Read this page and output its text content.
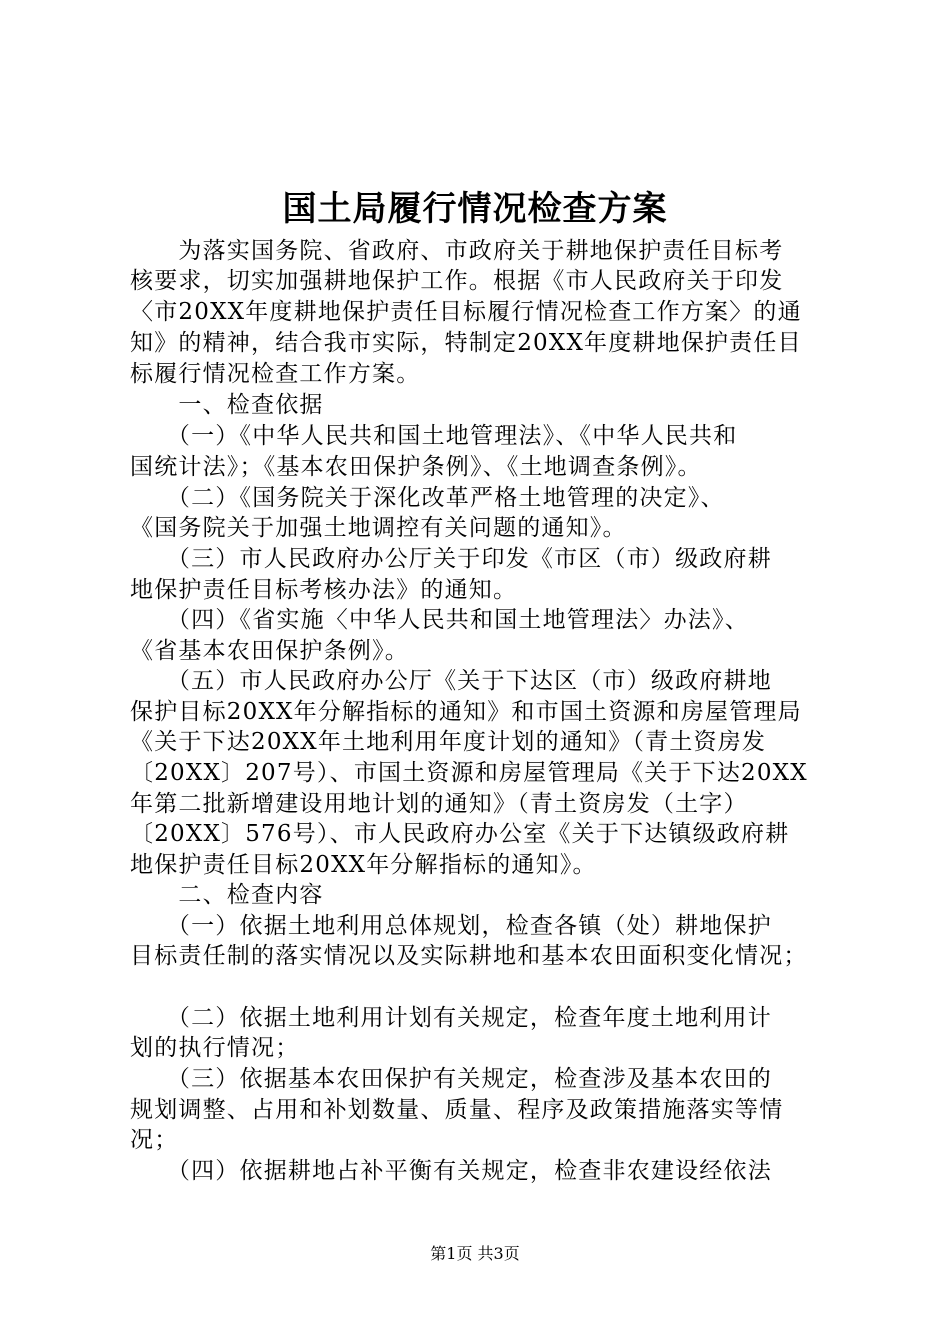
国土局履行情况检查方案
　　为落实国务院、省政府、市政府关于耕地保护责任目标考
核要求，切实加强耕地保护工作。根据《市人民政府关于印发
〈市20XX年度耕地保护责任目标履行情况检查工作方案〉的通
知》的精神，结合我市实际，特制定20XX年度耕地保护责任目
标履行情况检查工作方案。
　　一、检查依据
　　（一）《中华人民共和国土地管理法》、《中华人民共和
国统计法》；《基本农田保护条例》、《土地调查条例》。
　　（二）《国务院关于深化改革严格土地管理的决定》、
《国务院关于加强土地调控有关问题的通知》。
　　（三）市人民政府办公厅关于印发《市区（市）级政府耕
地保护责任目标考核办法》的通知。
　　（四）《省实施〈中华人民共和国土地管理法〉办法》、
《省基本农田保护条例》。
　　（五）市人民政府办公厅《关于下达区（市）级政府耕地
保护目标20XX年分解指标的通知》和市国土资源和房屋管理局
《关于下达20XX年土地利用年度计划的通知》（青土资房发
〔20XX〕207号）、市国土资源和房屋管理局《关于下达20XX
年第二批新增建设用地计划的通知》（青土资房发（土字）
〔20XX〕576号）、市人民政府办公室《关于下达镇级政府耕
地保护责任目标20XX年分解指标的通知》。
　　二、检查内容
　　（一）依据土地利用总体规划，检查各镇（处）耕地保护
目标责任制的落实情况以及实际耕地和基本农田面积变化情况；
　　（二）依据土地利用计划有关规定，检查年度土地利用计
划的执行情况；
　　（三）依据基本农田保护有关规定，检查涉及基本农田的
规划调整、占用和补划数量、质量、程序及政策措施落实等情
况；
　　（四）依据耕地占补平衡有关规定，检查非农建设经依法
第1页 共3页
